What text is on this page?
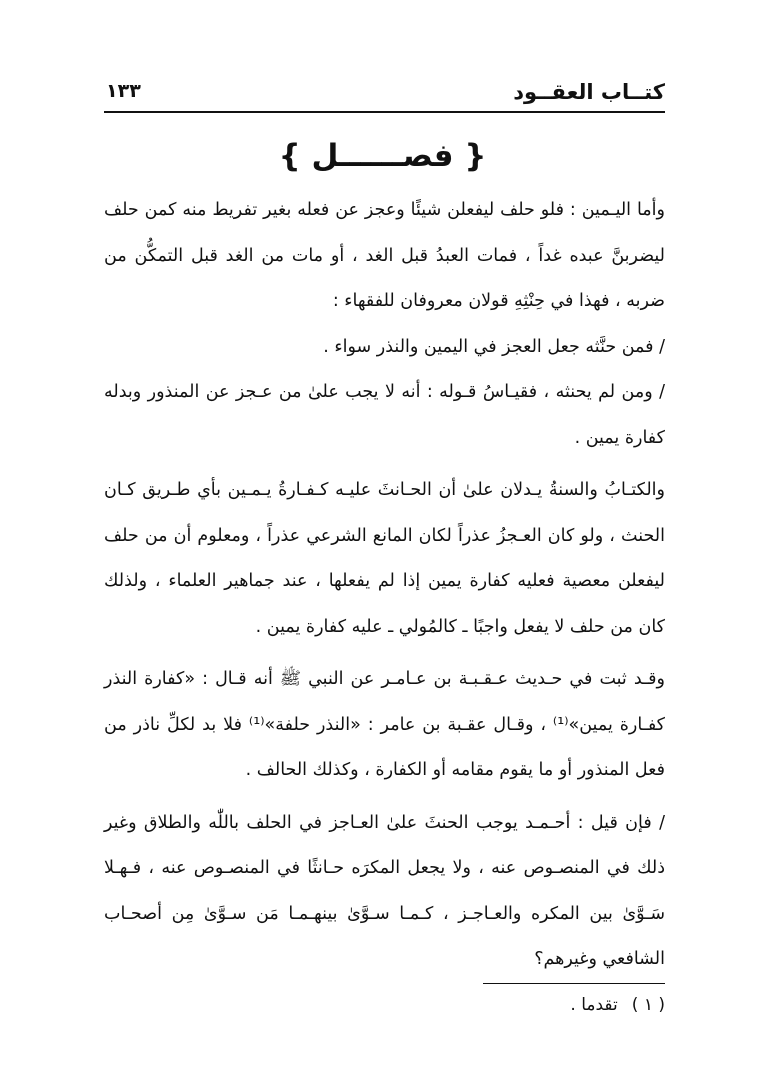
كتــاب العقــود
١٣٣
{ فصــــــل }

وأما اليـمين : فلو حلف ليفعلن شيئًا وعجز عن فعله بغير تفريط منه كمن حلف ليضربنَّ عبده غداً ، فمات العبدُ قبل الغد ، أو مات من الغد قبل التمكُّن من ضربه ، فهذا في حِنْثِهِ قولان معروفان للفقهاء :

/ فمن حنَّثه جعل العجز في اليمين والنذر سواء .

/ ومن لم يحنثه ، فقيـاسُ قـوله : أنه لا يجب علىٰ من عـجز عن المنذور وبدله كفارة يمين .

والكتـابُ والسنةُ يـدلان علىٰ أن الحـانثَ عليـه كـفـارةُ يـمـين بأي طـريق كـان الحنث ، ولو كان العـجزُ عذراً لكان المانع الشرعي عذراً ، ومعلوم أن من حلف ليفعلن معصية فعليه كفارة يمين إذا لم يفعلها ، عند جماهير العلماء ، ولذلك كان من حلف لا يفعل واجبًا ـ كالمُولي ـ عليه كفارة يمين .

وقـد ثبت في حـديث عـقـبـة بن عـامـر عن النبي ﷺ أنه قـال : «كفارة النذر كفـارة يمين»⁽¹⁾ ، وقـال عقـبة بن عامر : «النذر حلفة»⁽¹⁾ فلا بد لكلِّ ناذر من فعل المنذور أو ما يقوم مقامه أو الكفارة ، وكذلك الحالف .

/ فإن قيل : أحـمـد يوجب الحنثَ علىٰ العـاجز في الحلف باللّٰه والطلاق وغير ذلك في المنصـوص عنه ، ولا يجعل المكرَه حـانثًا في المنصـوص عنه ، فـهـلا سَـوَّىٰ بين المكره والعـاجـز ، كـمـا سـوَّىٰ بينهـمـا مَن سـوَّىٰ مِن أصحـاب الشافعي وغيرهم؟

( ١ )تقدما .
